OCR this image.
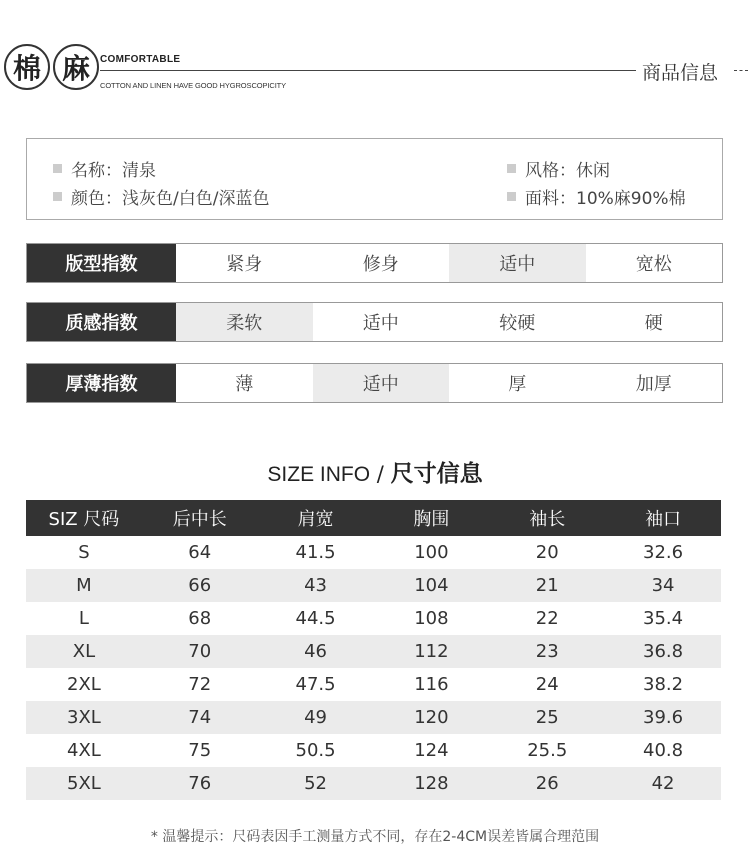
棉 麻	COMFORTABLE
COTTON AND LINEN HAVE GOOD HYGROSCOPICITY
商品信息
名称：清泉
颜色：浅灰色/白色/深蓝色
风格：休闲
面料：10%麻90%棉
版型指数	紧身	修身	适中	宽松
质感指数	柔软	适中	较硬	硬
厚薄指数	薄	适中	厚	加厚
SIZE INFO / 尺寸信息
SIZ 尺码	后中长	肩宽	胸围	袖长	袖口
S	64	41.5	100	20	32.6
M	66	43	104	21	34
L	68	44.5	108	22	35.4
XL	70	46	112	23	36.8
2XL	72	47.5	116	24	38.2
3XL	74	49	120	25	39.6
4XL	75	50.5	124	25.5	40.8
5XL	76	52	128	26	42
* 温馨提示：尺码表因手工测量方式不同，存在2-4CM误差皆属合理范围
